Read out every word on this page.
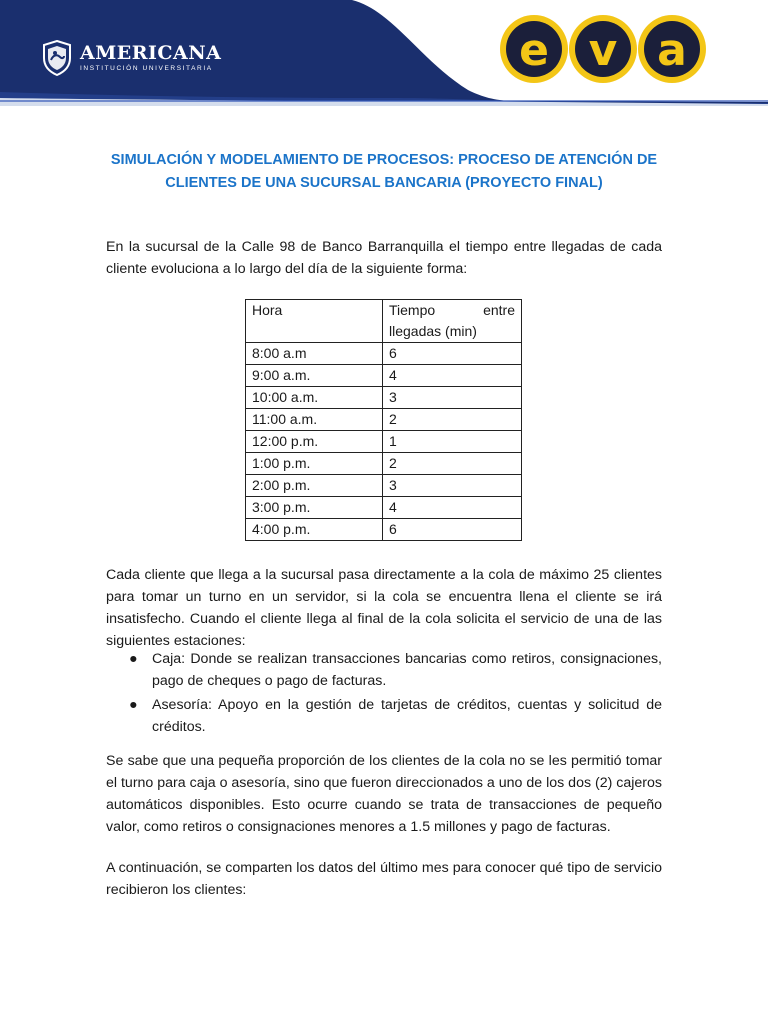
AMERICANA
INSTITUCIÓN UNIVERSITARIA	e v a
SIMULACIÓN Y MODELAMIENTO DE PROCESOS: PROCESO DE ATENCIÓN DE
CLIENTES DE UNA SUCURSAL BANCARIA (PROYECTO FINAL)

En la sucursal de la Calle 98 de Banco Barranquilla el tiempo entre llegadas de cada cliente evoluciona a lo largo del día de la siguiente forma:

Hora	Tiempo entre
llegadas (min)

8:00 a.m	6
9:00 a.m.	4
10:00 a.m.	3
11:00 a.m.	2
12:00 p.m.	1
1:00 p.m.	2
2:00 p.m.	3
3:00 p.m.	4
4:00 p.m.	6

Cada cliente que llega a la sucursal pasa directamente a la cola de máximo 25 clientes para tomar un turno en un servidor, si la cola se encuentra llena el cliente se irá insatisfecho. Cuando el cliente llega al final de la cola solicita el servicio de una de las siguientes estaciones:

● Caja: Donde se realizan transacciones bancarias como retiros, consignaciones, pago de cheques o pago de facturas.
● Asesoría: Apoyo en la gestión de tarjetas de créditos, cuentas y solicitud de créditos.

Se sabe que una pequeña proporción de los clientes de la cola no se les permitió tomar el turno para caja o asesoría, sino que fueron direccionados a uno de los dos (2) cajeros automáticos disponibles. Esto ocurre cuando se trata de transacciones de pequeño valor, como retiros o consignaciones menores a 1.5 millones y pago de facturas.

A continuación, se comparten los datos del último mes para conocer qué tipo de servicio recibieron los clientes:
